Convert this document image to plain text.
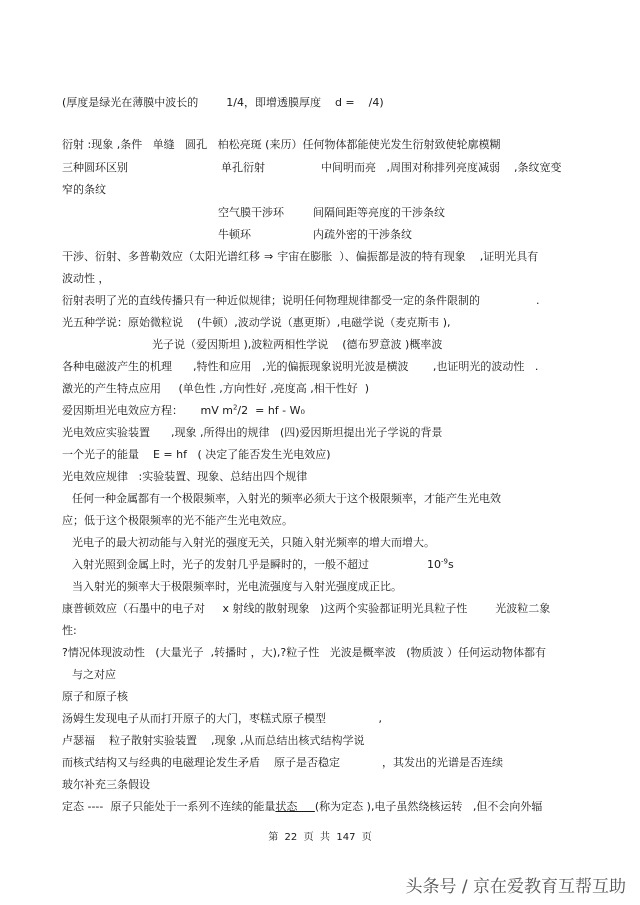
(厚度是绿光在薄膜中波长的        1/4，即增透膜厚度    d =    /4)
衍射 :现象 ,条件   单缝   圆孔   柏松亮斑 (来历）任何物体都能使光发生衍射致使轮廓模糊
三种圆环区别	单孔衍射	中间明而亮   ,周围对称排列亮度减弱    ,条纹宽变
窄的条纹
空气膜干涉环	间隔间距等亮度的干涉条纹
牛顿环	内疏外密的干涉条纹
干涉、衍射、多普勒效应（太阳光谱红移 ⇒ 宇宙在膨胀  ）、偏振都是波的特有现象    ,证明光具有
波动性 ，
衍射表明了光的直线传播只有一种近似规律；说明任何物理规律都受一定的条件限制的                .
光五种学说：原始微粒说    (牛顿）,波动学说（惠更斯）,电磁学说（麦克斯韦 ),
光子说（爱因斯坦 ),波粒两相性学说    (德布罗意波 )概率波
各种电磁波产生的机理      ,特性和应用   ,光的偏振现象说明光波是横波       ,也证明光的波动性   .
激光的产生特点应用     (单色性 ,方向性好 ,亮度高 ,相干性好  )
爱因斯坦光电效应方程：     mV $m^2/2$  = hf - W₀
光电效应实验装置      ,现象 ,所得出的规律   (四)爱因斯坦提出光子学说的背景
一个光子的能量    E = hf   ( 决定了能否发生光电效应)
光电效应规律   :实验装置、现象、总结出四个规律
任何一种金属都有一个极限频率，入射光的频率必须大于这个极限频率，才能产生光电效
应；低于这个极限频率的光不能产生光电效应。
光电子的最大初动能与入射光的强度无关，只随入射光频率的增大而增大。
入射光照到金属上时，光子的发射几乎是瞬时的，一般不超过	$10^{-9}s$
当入射光的频率大于极限频率时，光电流强度与入射光强度成正比。
康普顿效应（石墨中的电子对     x 射线的散射现象   )这两个实验都证明光具粒子性        光波粒二象
性:
?情况体现波动性   (大量光子  ,转播时 ，大),?粒子性   光波是概率波   (物质波 ）任何运动物体都有
与之对应
原子和原子核
汤姆生发现电子从而打开原子的大门，枣糕式原子模型               ,
卢瑟福    粒子散射实验装置    ,现象 ,从而总结出核式结构学说
而核式结构又与经典的电磁理论发生矛盾    原子是否稳定            ，其发出的光谱是否连续
玻尔补充三条假设
定态 ----  原子只能处于一系列不连续的能量状态     (称为定态 ),电子虽然绕核运转   ,但不会向外辐
第  22  页  共  147  页
头条号 / 京在爱教育互帮互助
